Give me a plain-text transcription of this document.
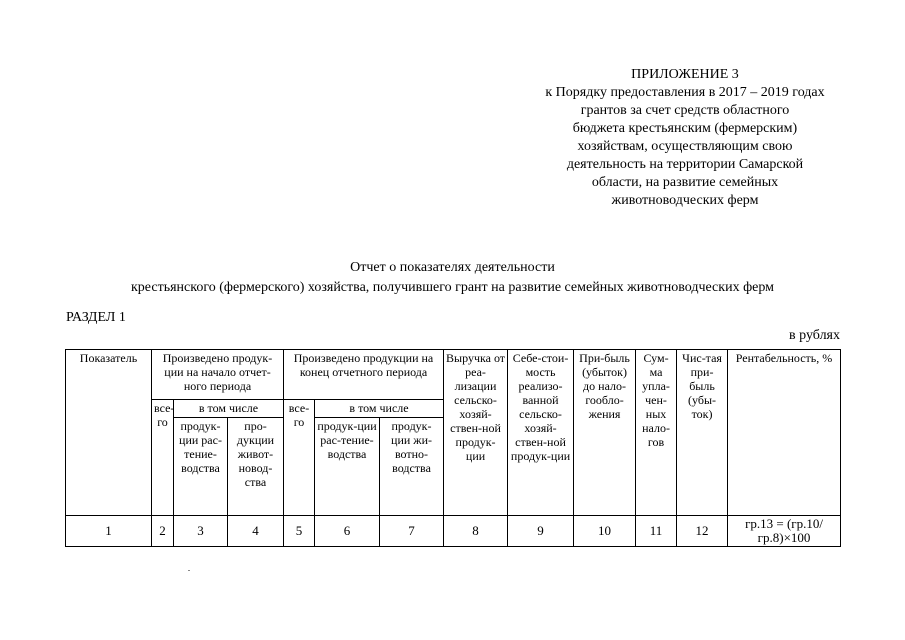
ПРИЛОЖЕНИЕ 3
к Порядку предоставления в 2017 – 2019 годах
грантов за счет средств областного
бюджета крестьянским (фермерским)
хозяйствам, осуществляющим свою
деятельность на территории Самарской
области, на развитие семейных
животноводческих ферм
Отчет о показателях деятельности
крестьянского (фермерского) хозяйства, получившего грант на развитие семейных животноводческих ферм
РАЗДЕЛ 1
в рублях
Показатель	Произведено продук-ции на начало отчет-ного периода			Произведено продукции на конец отчетного периода			Выручка от реа-лизации сельско-хозяй-ствен-ной продук-ции	Себе-стои-мость реализо-ванной сельско-хозяй-ствен-ной продук-ции	При-быль (убыток) до нало-гообло-жения	Сум-ма упла-чен-ных нало-гов	Чис-тая при-быль (убы-ток)	Рентабельность, %
	все-го	в том числе		все-го	в том числе							
		продук-ции рас-тение-водства	про-дукции живот-новод-ства		продук-ции рас-тение-водства	продук-ции жи-вотно-водства						
1	2	3	4	5	6	7	8	9	10	11	12	гр.13 = (гр.10/гр.8)×100
